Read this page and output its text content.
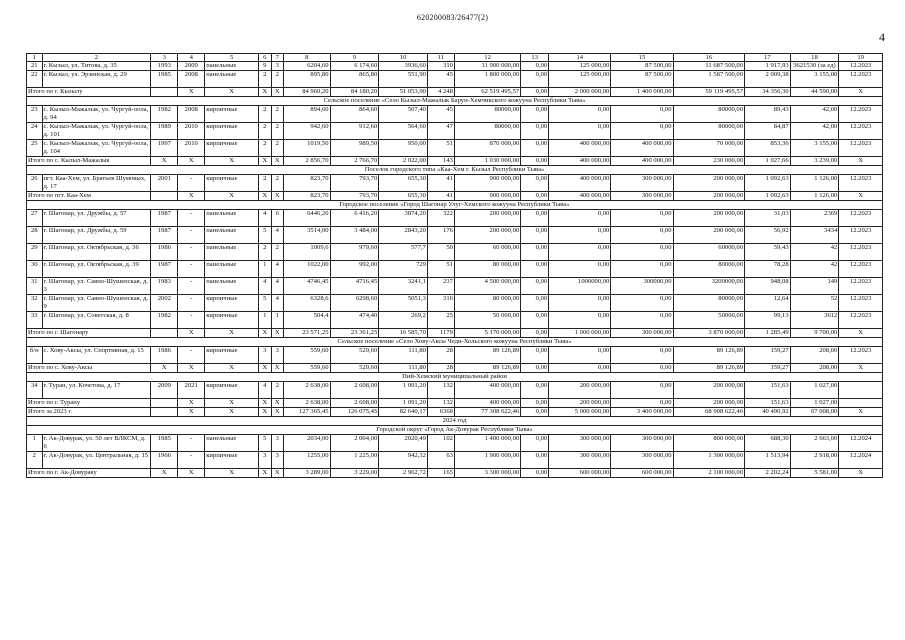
620200083/26477(2)
4
1	2	3	4	5	6	7	8	9	10	11	12	13	14	15	16	17	18	19
21	г. Кызыл, ул. Титова, д. 35	1993	2009	панельные	9	3	6204,60	6 174,60	3936,60	310	11 900 000,00	0,00	125 000,00	87 500,00	11 687 500,00	1 917,93	3621530 (за ед)	12.2023
22	г. Кызыл, ул. Эрзинская, д. 29	1985	2008	панельные	2	2	895,80	865,80	551,90	45	1 800 000,00	0,00	125 000,00	87 500,00	1 587 500,00	2 009,38	3 155,00	12.2023
Итого по г. Кызылу			X	X	X	X	84 960,20	84 180,20	51 053,90	4 248	62 519 495,57	0,00	2 000 000,00	1 400 000,00	59 119 495,57	34 356,30	44 590,00	X
Сельское поселение «Село Кызыл-Мажалык Барун-Хемчикского кожууна Республики Тыва»																		
23	с. Кызыл-Мажалык, ул. Чургуй-оола, д. 94	1982	2008	кирпичные	2	2	894,60	864,60	507,40	45	80000,00	0,00	0,00	0,00	80000,00	89,43	42,00	12.2023
24	с. Кызыл-Мажалык, ул. Чургуй-оола, д. 101	1989	2010	кирпичные	2	2	942,60	912,60	564,60	47	80000,00	0,00	0,00	0,00	80000,00	84,87	42,00	12.2023
25	с. Кызыл-Мажалык, ул. Чургуй-оола, д. 104	1997	2010	кирпичные	2	2	1019,50	989,50	950,00	51	870 000,00	0,00	400 000,00	400 000,00	70 000,00	853,36	3 155,00	12.2023
Итого по с. Кызыл-Мажалык		X	X	X	X	X	2 856,70	2 766,70	2 022,00	143	1 030 000,00	0,00	400 000,00	400 000,00	230 000,00	1 027,66	3 239,00	X
Поселок городского типа «Каа-Хем г. Кызыл Республики Тыва»																		
26	пгт. Каа-Хем, ул. Братьев Шумовых, д. 17	2001	-	кирпичные	2	2	823,70	793,70	655,30	41	900 000,00	0,00	400 000,00	300 000,00	200 000,00	1 092,63	1 126,00	12.2023
Итого по пгт. Каа-Хем			X	X	X	X	823,70	793,70	655,30	41	900 000,00	0,00	400 000,00	300 000,00	200 000,00	1 092,63	1 126,00	X
Городское поселение «Город Шагонар Улуг-Хемского кожууна Республики Тыва»																		
27	г. Шагонар, ул. Дружбы, д. 57	1987	-	панельные	4	6	6446,20	6 416,20	3874,20	322	200 000,00	0,00	0,00	0,00	200 000,00	31,03	2369	12.2023
28	г. Шагонар, ул. Дружбы, д. 59	1987	-	панельные	5	4	3514,00	3 484,00	2843,20	176	200 000,00	0,00	0,00	0,00	200 000,00	56,92	3434	12.2023
29	г. Шагонар, ул. Октябрьская, д. 36	1986	-	панельные	2	2	1009,6	979,60	577,7	50	60 000,00	0,00	0,00	0,00	60000,00	59,43	42	12.2023
30	г. Шагонар, ул. Октябрьская, д. 39	1987	-	панельные	1	4	1022,00	992,00	729	51	80 000,00	0,00	0,00	0,00	80000,00	78,28	42	12.2023
31	г. Шагонар, ул. Саяно-Шушенская, д. 3	1983	-	панельные	4	4	4746,45	4716,45	3241,1	237	4 500 000,00	0,00	1000000,00	300000,00	3200000,00	948,08	149	12.2023
32	г. Шагонар, ул. Саяно-Шушенская, д. 9	2002	-	кирпичные	5	4	6328,6	6298,60	5051,3	316	80 000,00	0,00	0,00	0,00	80000,00	12,64	52	12.2023
33	г. Шагонар, ул. Советская, д. 8	1982	-	кирпичные	1	1	504,4	474,40	269,2	25	50 000,00	0,00	0,00	0,00	50000,00	99,13	3612	12.2023
Итого по г. Шагонару			X	X	X	X	23 571,25	23 361,25	16 585,70	1179	5 170 000,00	0,00	1 000 000,00	300 000,00	3 870 000,00	1 285,49	9 700,00	X
Сельское поселение «Село Хову-Аксы Чеди-Хольского кожууна Республики Тыва»																		
б/н	с. Хову-Аксы, ул. Спортивная, д. 15	1986	-	кирпичные	3	3	559,60	529,60	111,80	28	89 126,89	0,00	0,00	0,00	89 126,89	159,27	208,00	12.2023
Итого по с. Хову-Аксы		X	X	X	X	X	559,60	529,60	111,80	28	89 126,89	0,00	0,00	0,00	89 126,89	159,27	208,00	X
Пий-Хемский муниципальный район																		
34	г. Туран, ул. Кочетова, д. 17	2009	2021	кирпичные	4	2	2 638,00	2 608,00	1 091,20	132	400 000,00	0,00	200 000,00	0,00	200 000,00	151,63	1 027,00	
Итого по г. Турану			X	X	X	X	2 638,00	2 608,00	1 091,20	132	400 000,00	0,00	200 000,00	0,00	200 000,00	151,63	1 027,00	
Итого за 2023 г.			X	X	X	X	127 365,45	126 075,45	82 640,17	6368	77 308 622,46	0,00	5 000 000,00	3 400 000,00	68 908 622,46	40 490,92	67 008,00	X
2024 год																		
Городской округ «Город Ак-Довурак Республики Тыва»																		
1	г. Ак-Довурак, ул. 50 лет ВЛКСМ, д. 6	1985	-	панельные	5	3	2034,00	2 004,00	2020,49	102	1 400 000,00	0,00	300 000,00	300 000,00	800 000,00	688,30	2 663,00	12.2024
2	г. Ак-Довурак, ул. Центральная, д. 15	1966	-	кирпичные	3	3	1255,00	1 225,00	942,32	63	1 900 000,00	0,00	300 000,00	300 000,00	1 300 000,00	1 513,94	2 918,00	12.2024
Итого по г. Ак-Довураку		X	X	X	X	X	3 289,00	3 229,00	2 962,72	165	3 300 000,00	0,00	600 000,00	600 000,00	2 100 000,00	2 202,24	5 581,00	X
